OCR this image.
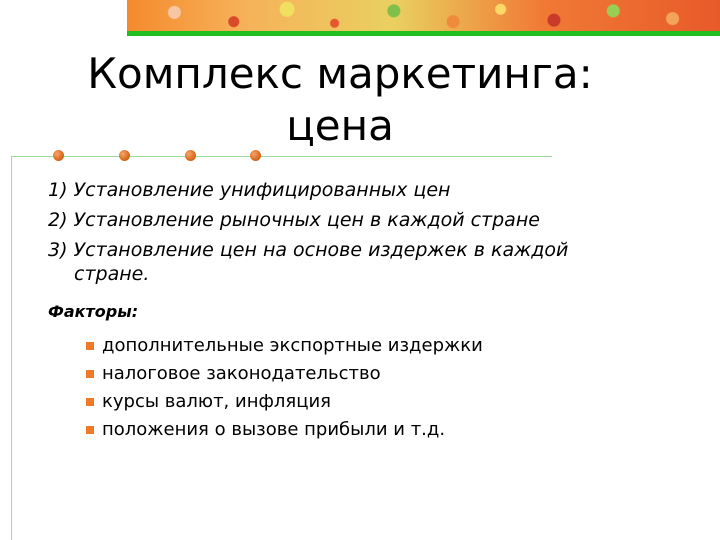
Комплекс маркетинга:
цена
1) Установление унифицированных цен
2) Установление рыночных цен в каждой стране
3) Установление цен на основе издержек в каждой стране.
Факторы:
дополнительные экспортные издержки
налоговое законодательство
курсы валют, инфляция
положения о вызове прибыли и т.д.
